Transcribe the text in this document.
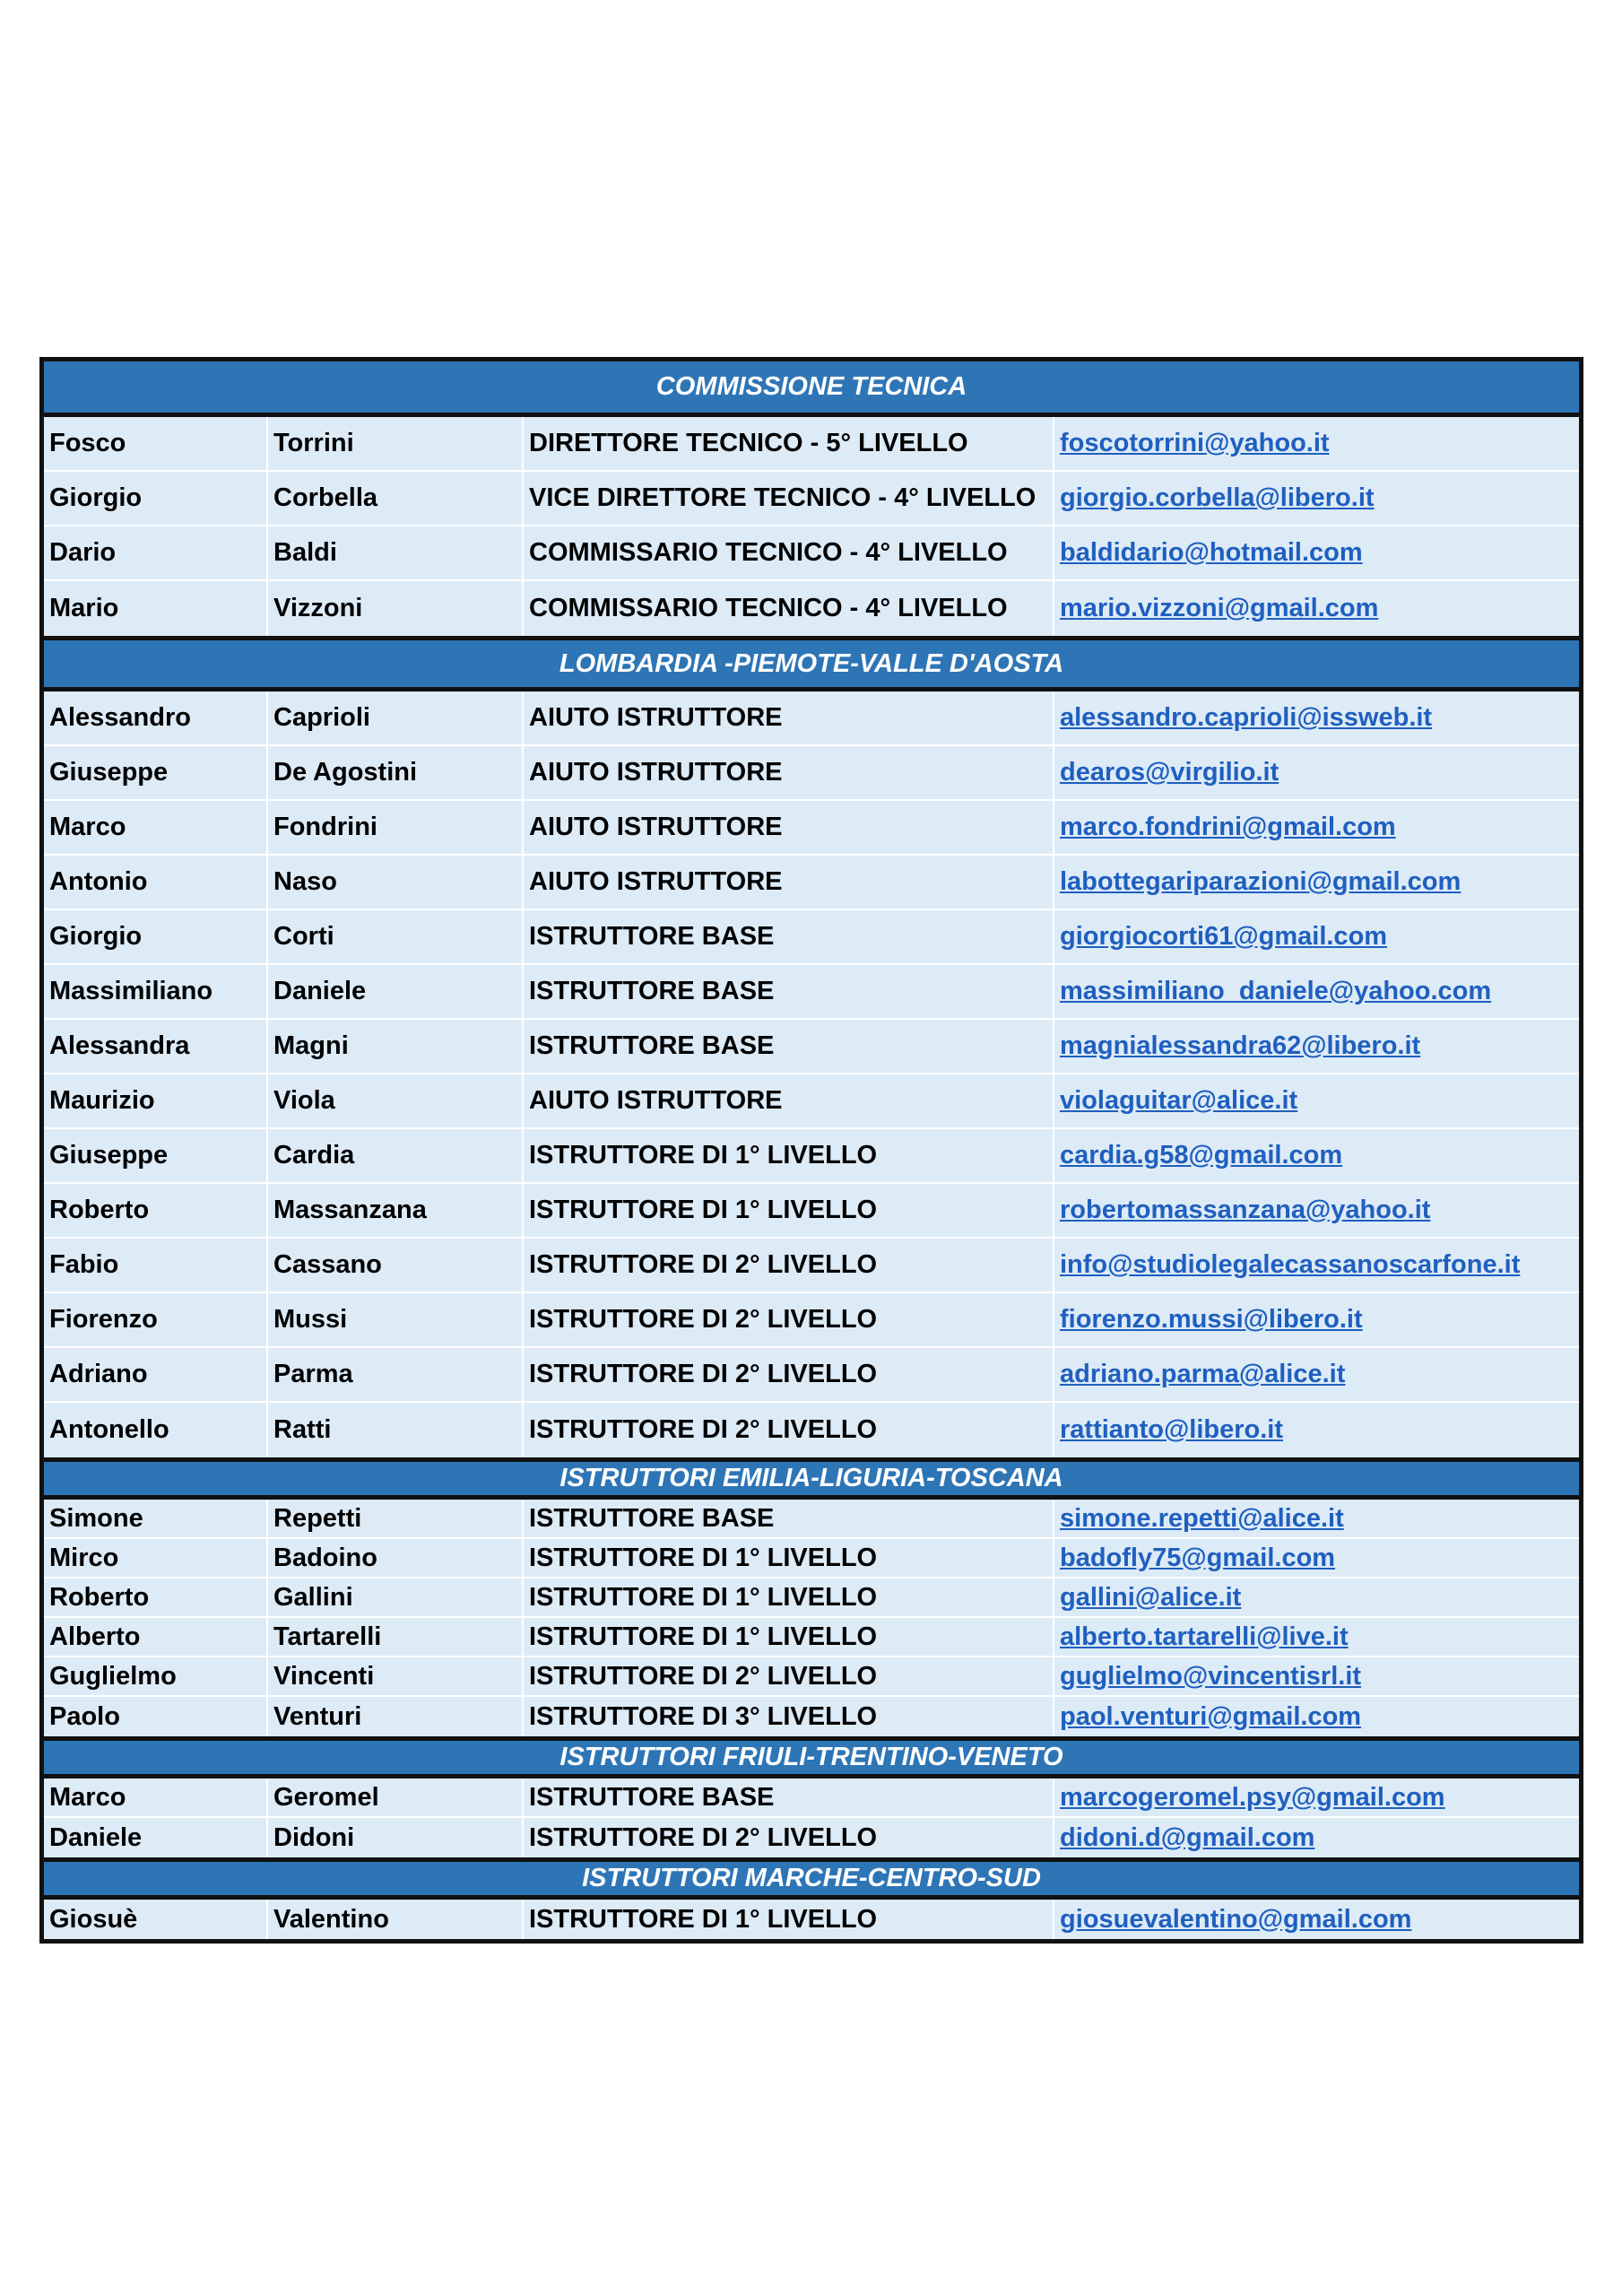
COMMISSIONE TECNICA
Fosco	Torrini	DIRETTORE TECNICO - 5° LIVELLO	foscotorrini@yahoo.it
Giorgio	Corbella	VICE DIRETTORE TECNICO - 4° LIVELLO giorgio.corbella@libero.it
Dario	Baldi	COMMISSARIO TECNICO - 4° LIVELLO	baldidario@hotmail.com
Mario	Vizzoni	COMMISSARIO TECNICO - 4° LIVELLO	mario.vizzoni@gmail.com
LOMBARDIA -PIEMOTE-VALLE D'AOSTA
Alessandro	Caprioli	AIUTO ISTRUTTORE	alessandro.caprioli@issweb.it
Giuseppe	De Agostini	AIUTO ISTRUTTORE	dearos@virgilio.it
Marco	Fondrini	AIUTO ISTRUTTORE	marco.fondrini@gmail.com
Antonio	Naso	AIUTO ISTRUTTORE	labottegariparazioni@gmail.com
Giorgio	Corti	ISTRUTTORE BASE	giorgiocorti61@gmail.com
Massimiliano	Daniele	ISTRUTTORE BASE	massimiliano_daniele@yahoo.com
Alessandra	Magni	ISTRUTTORE BASE	magnialessandra62@libero.it
Maurizio	Viola	AIUTO ISTRUTTORE	violaguitar@alice.it
Giuseppe	Cardia	ISTRUTTORE DI 1° LIVELLO	cardia.g58@gmail.com
Roberto	Massanzana	ISTRUTTORE DI 1° LIVELLO	robertomassanzana@yahoo.it
Fabio	Cassano	ISTRUTTORE DI 2° LIVELLO	info@studiolegalecassanoscarfone.it
Fiorenzo	Mussi	ISTRUTTORE DI 2° LIVELLO	fiorenzo.mussi@libero.it
Adriano	Parma	ISTRUTTORE DI 2° LIVELLO	adriano.parma@alice.it
Antonello	Ratti	ISTRUTTORE DI 2° LIVELLO	rattianto@libero.it
ISTRUTTORI EMILIA-LIGURIA-TOSCANA
Simone	Repetti	ISTRUTTORE BASE	simone.repetti@alice.it
Mirco	Badoino	ISTRUTTORE DI 1° LIVELLO	badofly75@gmail.com
Roberto	Gallini	ISTRUTTORE DI 1° LIVELLO	gallini@alice.it
Alberto	Tartarelli	ISTRUTTORE DI 1° LIVELLO	alberto.tartarelli@live.it
Guglielmo	Vincenti	ISTRUTTORE DI 2° LIVELLO	guglielmo@vincentisrl.it
Paolo	Venturi	ISTRUTTORE DI 3° LIVELLO	paol.venturi@gmail.com
ISTRUTTORI FRIULI-TRENTINO-VENETO
Marco	Geromel	ISTRUTTORE BASE	marcogeromel.psy@gmail.com
Daniele	Didoni	ISTRUTTORE DI 2° LIVELLO	didoni.d@gmail.com
ISTRUTTORI MARCHE-CENTRO-SUD
Giosuè	Valentino	ISTRUTTORE DI 1° LIVELLO	giosuevalentino@gmail.com
